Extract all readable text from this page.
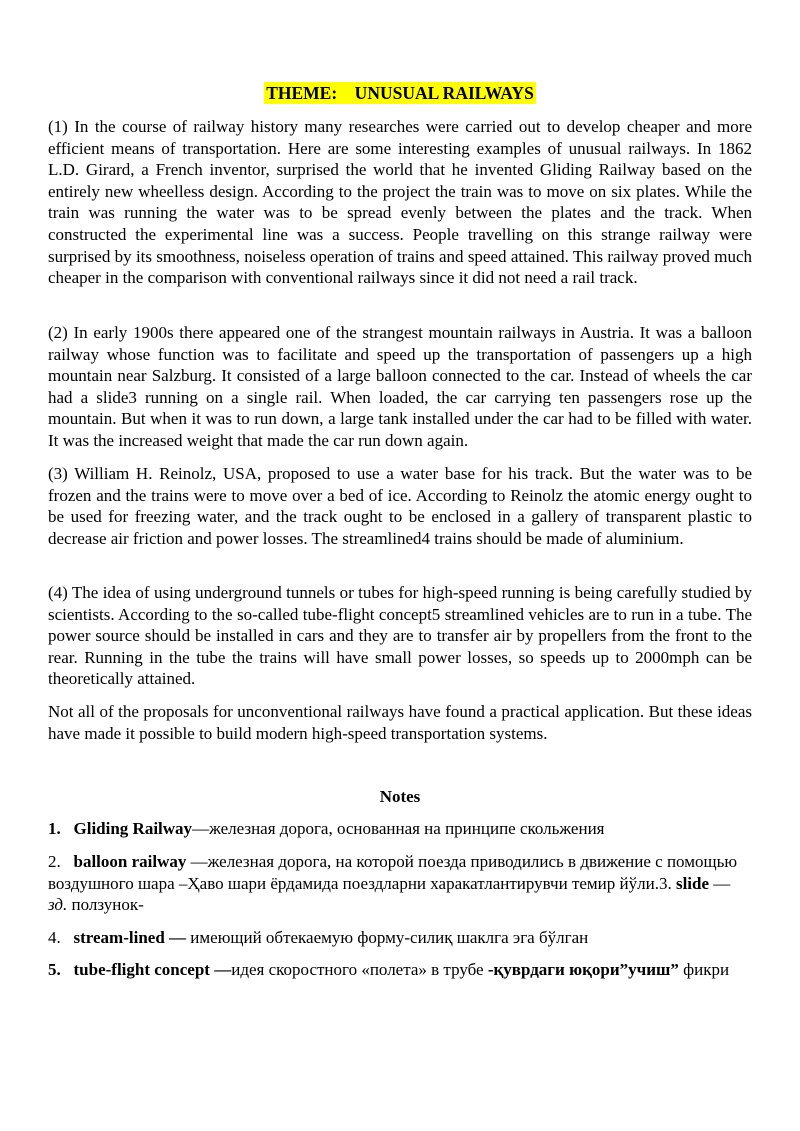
THEME:    UNUSUAL RAILWAYS

(1) In the course of railway history many researches were carried out to develop cheaper and more efficient means of transportation. Here are some interesting examples of unusual railways. In 1862 L.D. Girard, a French inventor, surprised the world that he invented Gliding Railway based on the entirely new wheelless design. According to the project the train was to move on six plates. While the train was running the water was to be spread evenly between the plates and the track. When constructed the experimental line was a success. People travelling on this strange railway were surprised by its smoothness, noiseless operation of trains and speed attained. This railway proved much cheaper in the comparison with conventional railways since it did not need a rail track.

(2) In early 1900s there appeared one of the strangest mountain railways in Austria. It was a balloon railway whose function was to facilitate and speed up the transportation of passengers up a high mountain near Salzburg. It consisted of a large balloon connected to the car. Instead of wheels the car had a slide3 running on a single rail. When loaded, the car carrying ten passengers rose up the mountain. But when it was to run down, a large tank installed under the car had to be filled with water. It was the increased weight that made the car run down again.

(3) William H. Reinolz, USA, proposed to use a water base for his track. But the water was to be frozen and the trains were to move over a bed of ice. According to Reinolz the atomic energy ought to be used for freezing water, and the track ought to be enclosed in a gallery of transparent plastic to decrease air friction and power losses. The streamlined4 trains should be made of aluminium.

(4) The idea of using underground tunnels or tubes for high-speed running is being carefully studied by scientists. According to the so-called tube-flight concept5 streamlined vehicles are to run in a tube. The power source should be installed in cars and they are to transfer air by propellers from the front to the rear. Running in the tube the trains will have small power losses, so speeds up to 2000mph can be theoretically attained.

Not all of the proposals for unconventional railways have found a practical application. But these ideas have made it possible to build modern high-speed transportation systems.

Notes

1. Gliding Railway—железная дорога, основанная на принципе скольжения

2. balloon railway —железная дорога, на которой поезда приводились в движение с помощью воздушного шара –Ҳаво шари ёрдамида поездларни харакатлантирувчи темир йўли.3. slide — зд. ползунок-

4. stream-lined — имеющий обтекаемую форму-силиқ шаклга эга бўлган

5. tube-flight concept —идея скоростного «полета» в трубе -қуврдаги юқори”учиш” фикри
